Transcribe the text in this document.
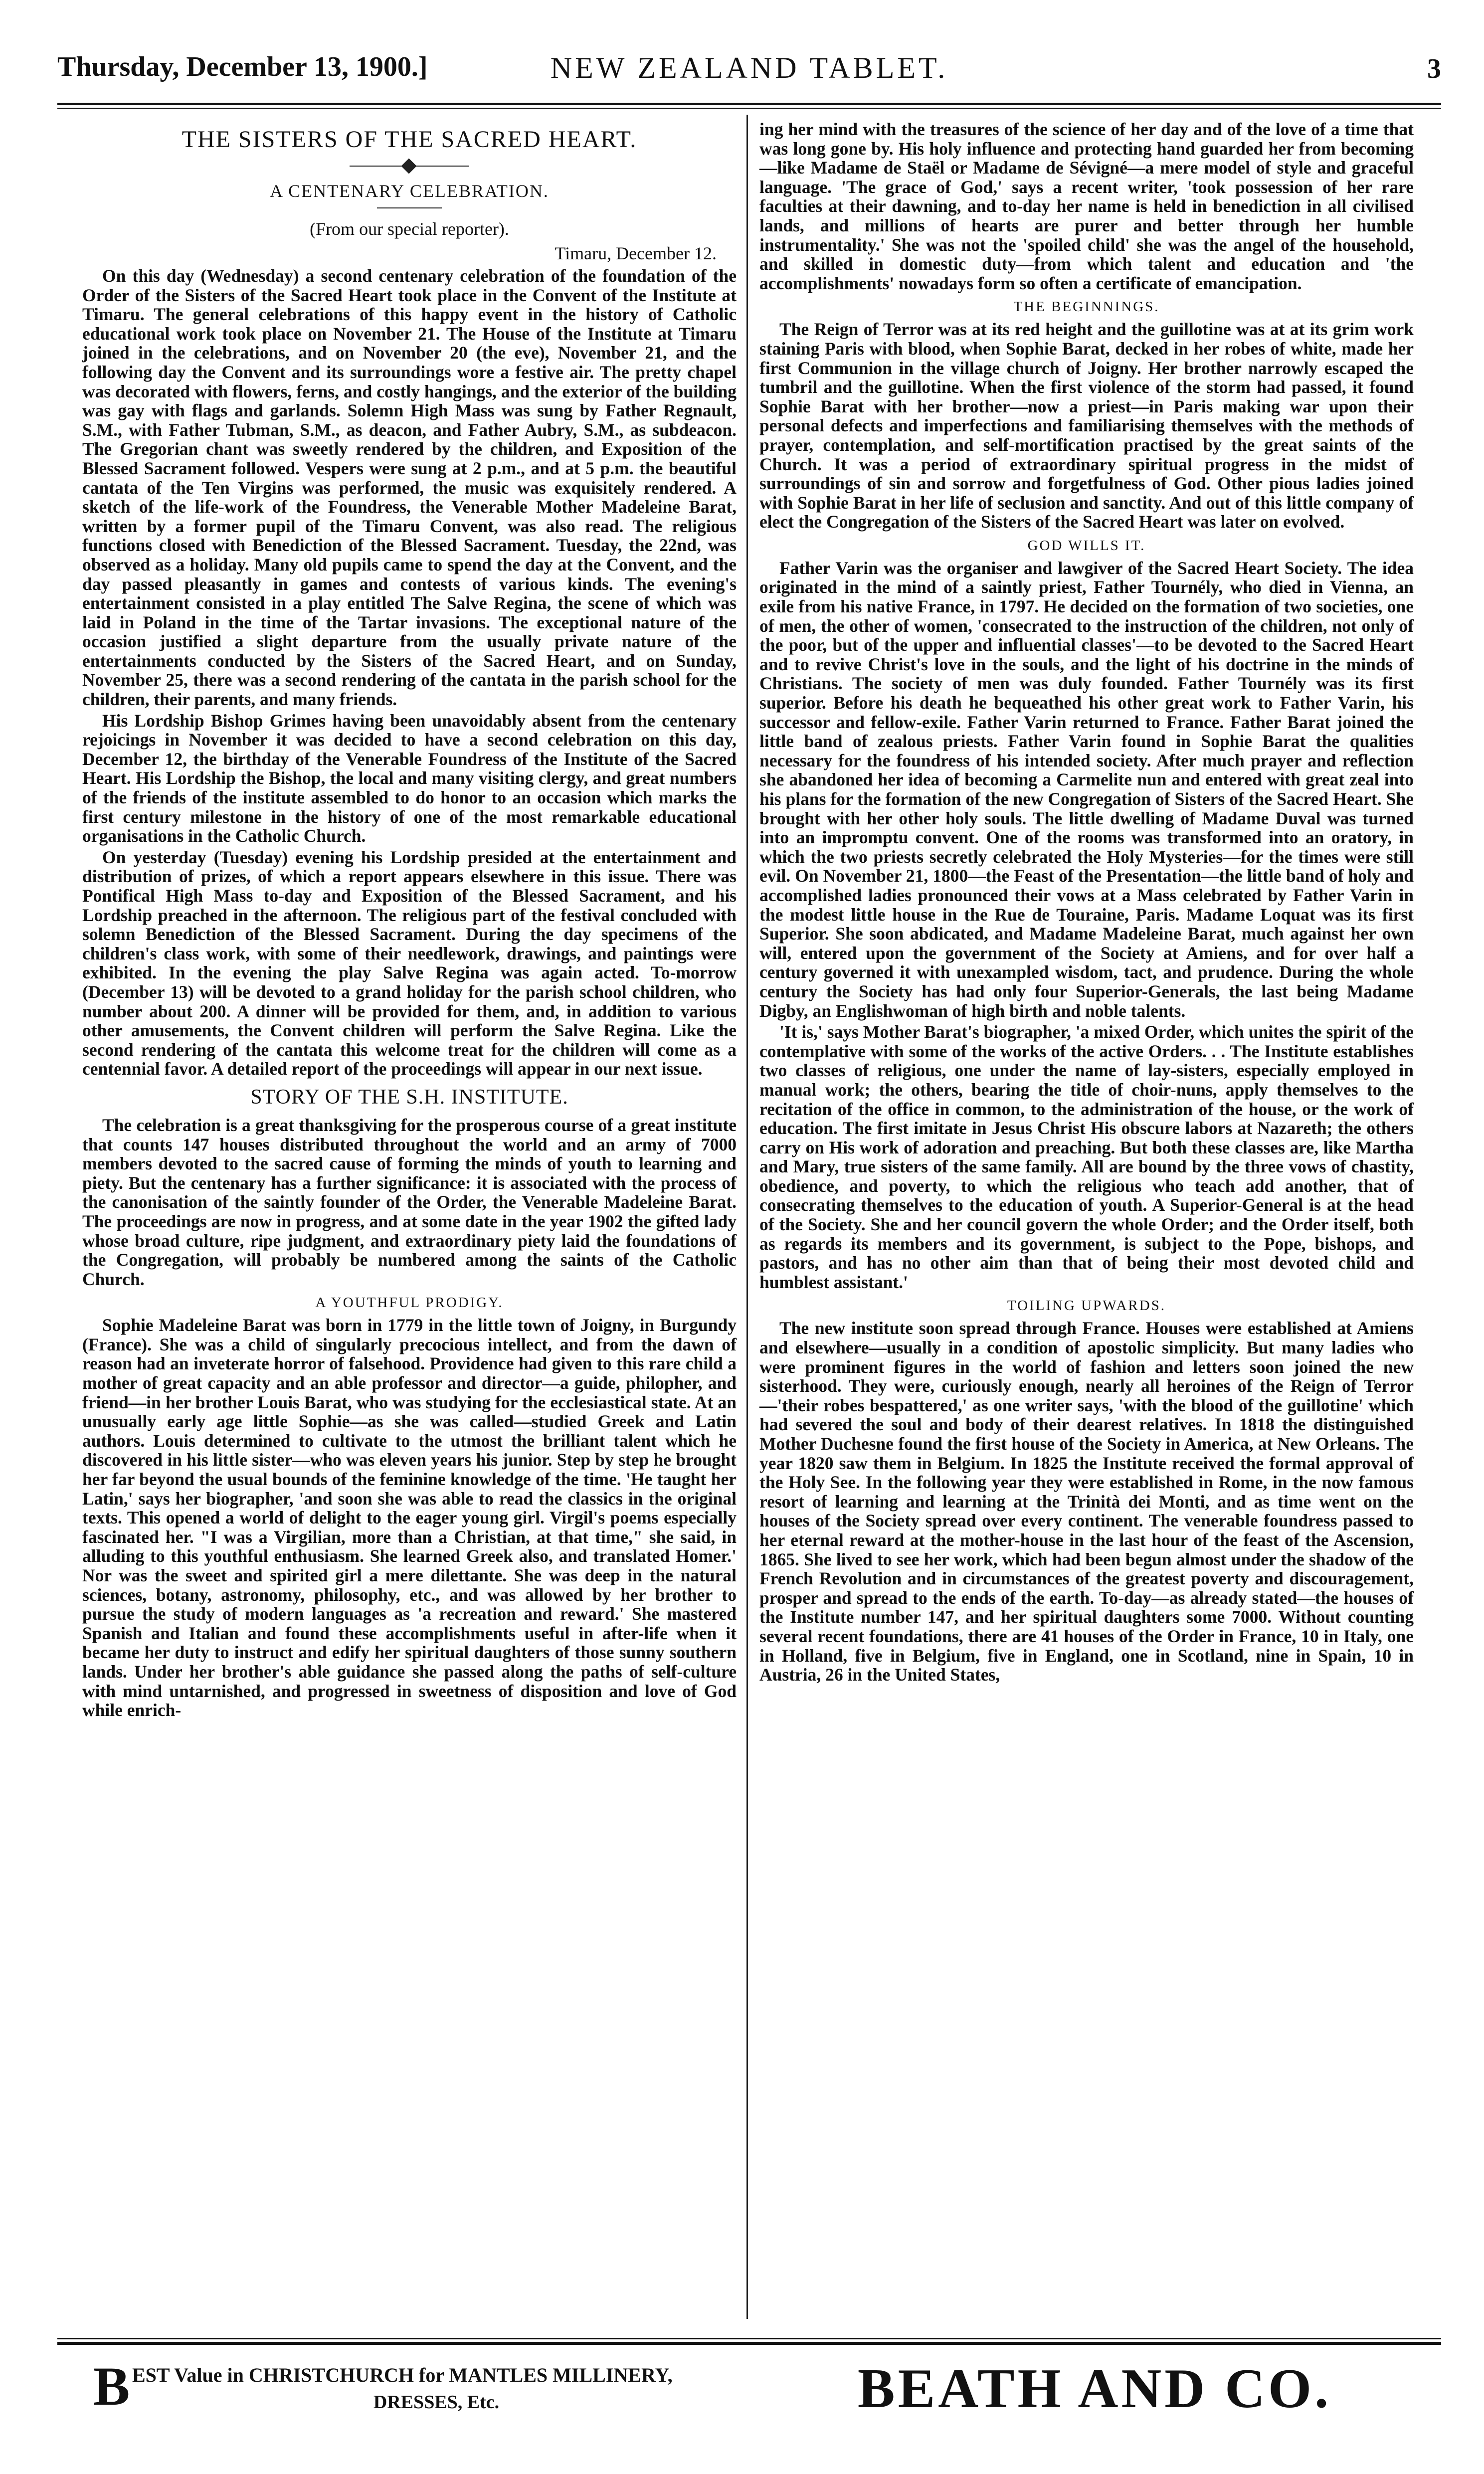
Thursday, December 13, 1900.]	NEW ZEALAND TABLET.	3
THE SISTERS OF THE SACRED HEART.
A CENTENARY CELEBRATION.
(From our special reporter).
Timaru, December 12.

On this day (Wednesday) a second centenary celebration of the foundation of the Order of the Sisters of the Sacred Heart took place in the Convent of the Institute at Timaru. The general celebrations of this happy event in the history of Catholic educational work took place on November 21. The House of the Institute at Timaru joined in the celebrations, and on November 20 (the eve), November 21, and the following day the Convent and its surroundings wore a festive air. The pretty chapel was decorated with flowers, ferns, and costly hangings, and the exterior of the building was gay with flags and garlands. Solemn High Mass was sung by Father Regnault, S.M., with Father Tubman, S.M., as deacon, and Father Aubry, S.M., as subdeacon. The Gregorian chant was sweetly rendered by the children, and Exposition of the Blessed Sacrament followed. Vespers were sung at 2 p.m., and at 5 p.m. the beautiful cantata of the Ten Virgins was performed, the music was exquisitely rendered. A sketch of the life-work of the Foundress, the Venerable Mother Madeleine Barat, written by a former pupil of the Timaru Convent, was also read. The religious functions closed with Benediction of the Blessed Sacrament. Tuesday, the 22nd, was observed as a holiday. Many old pupils came to spend the day at the Convent, and the day passed pleasantly in games and contests of various kinds. The evening's entertainment consisted in a play entitled The Salve Regina, the scene of which was laid in Poland in the time of the Tartar invasions. The exceptional nature of the occasion justified a slight departure from the usually private nature of the entertainments conducted by the Sisters of the Sacred Heart, and on Sunday, November 25, there was a second rendering of the cantata in the parish school for the children, their parents, and many friends.

His Lordship Bishop Grimes having been unavoidably absent from the centenary rejoicings in November it was decided to have a second celebration on this day, December 12, the birthday of the Venerable Foundress of the Institute of the Sacred Heart. His Lordship the Bishop, the local and many visiting clergy, and great numbers of the friends of the institute assembled to do honor to an occasion which marks the first century milestone in the history of one of the most remarkable educational organisations in the Catholic Church.

On yesterday (Tuesday) evening his Lordship presided at the entertainment and distribution of prizes, of which a report appears elsewhere in this issue. There was Pontifical High Mass to-day and Exposition of the Blessed Sacrament, and his Lordship preached in the afternoon. The religious part of the festival concluded with solemn Benediction of the Blessed Sacrament. During the day specimens of the children's class work, with some of their needlework, drawings, and paintings were exhibited. In the evening the play Salve Regina was again acted. To-morrow (December 13) will be devoted to a grand holiday for the parish school children, who number about 200. A dinner will be provided for them, and, in addition to various other amusements, the Convent children will perform the Salve Regina. Like the second rendering of the cantata this welcome treat for the children will come as a centennial favor. A detailed report of the proceedings will appear in our next issue.

STORY OF THE S.H. INSTITUTE.

The celebration is a great thanksgiving for the prosperous course of a great institute that counts 147 houses distributed throughout the world and an army of 7000 members devoted to the sacred cause of forming the minds of youth to learning and piety. But the centenary has a further significance: it is associated with the process of the canonisation of the saintly founder of the Order, the Venerable Madeleine Barat. The proceedings are now in progress, and at some date in the year 1902 the gifted lady whose broad culture, ripe judgment, and extraordinary piety laid the foundations of the Congregation, will probably be numbered among the saints of the Catholic Church.

A YOUTHFUL PRODIGY.

Sophie Madeleine Barat was born in 1779 in the little town of Joigny, in Burgundy (France). She was a child of singularly precocious intellect, and from the dawn of reason had an inveterate horror of falsehood. Providence had given to this rare child a mother of great capacity and an able professor and director—a guide, philopher, and friend—in her brother Louis Barat, who was studying for the ecclesiastical state. At an unusually early age little Sophie—as she was called—studied Greek and Latin authors. Louis determined to cultivate to the utmost the brilliant talent which he discovered in his little sister—who was eleven years his junior. Step by step he brought her far beyond the usual bounds of the feminine knowledge of the time. 'He taught her Latin,' says her biographer, 'and soon she was able to read the classics in the original texts. This opened a world of delight to the eager young girl. Virgil's poems especially fascinated her. "I was a Virgilian, more than a Christian, at that time," she said, in alluding to this youthful enthusiasm. She learned Greek also, and translated Homer.' Nor was the sweet and spirited girl a mere dilettante. She was deep in the natural sciences, botany, astronomy, philosophy, etc., and was allowed by her brother to pursue the study of modern languages as 'a recreation and reward.' She mastered Spanish and Italian and found these accomplishments useful in after-life when it became her duty to instruct and edify her spiritual daughters of those sunny southern lands. Under her brother's able guidance she passed along the paths of self-culture with mind untarnished, and progressed in sweetness of disposition and love of God while enrich-

ing her mind with the treasures of the science of her day and of the love of a time that was long gone by. His holy influence and protecting hand guarded her from becoming—like Madame de Staël or Madame de Sévigné—a mere model of style and graceful language. 'The grace of God,' says a recent writer, 'took possession of her rare faculties at their dawning, and to-day her name is held in benediction in all civilised lands, and millions of hearts are purer and better through her humble instrumentality.' She was not the 'spoiled child' she was the angel of the household, and skilled in domestic duty—from which talent and education and 'the accomplishments' nowadays form so often a certificate of emancipation.

THE BEGINNINGS.

The Reign of Terror was at its red height and the guillotine was at at its grim work staining Paris with blood, when Sophie Barat, decked in her robes of white, made her first Communion in the village church of Joigny. Her brother narrowly escaped the tumbril and the guillotine. When the first violence of the storm had passed, it found Sophie Barat with her brother—now a priest—in Paris making war upon their personal defects and imperfections and familiarising themselves with the methods of prayer, contemplation, and self-mortification practised by the great saints of the Church. It was a period of extraordinary spiritual progress in the midst of surroundings of sin and sorrow and forgetfulness of God. Other pious ladies joined with Sophie Barat in her life of seclusion and sanctity. And out of this little company of elect the Congregation of the Sisters of the Sacred Heart was later on evolved.

GOD WILLS IT.

Father Varin was the organiser and lawgiver of the Sacred Heart Society. The idea originated in the mind of a saintly priest, Father Tournély, who died in Vienna, an exile from his native France, in 1797. He decided on the formation of two societies, one of men, the other of women, 'consecrated to the instruction of the children, not only of the poor, but of the upper and influential classes'—to be devoted to the Sacred Heart and to revive Christ's love in the souls, and the light of his doctrine in the minds of Christians. The society of men was duly founded. Father Tournély was its first superior. Before his death he bequeathed his other great work to Father Varin, his successor and fellow-exile. Father Varin returned to France. Father Barat joined the little band of zealous priests. Father Varin found in Sophie Barat the qualities necessary for the foundress of his intended society. After much prayer and reflection she abandoned her idea of becoming a Carmelite nun and entered with great zeal into his plans for the formation of the new Congregation of Sisters of the Sacred Heart. She brought with her other holy souls. The little dwelling of Madame Duval was turned into an impromptu convent. One of the rooms was transformed into an oratory, in which the two priests secretly celebrated the Holy Mysteries—for the times were still evil. On November 21, 1800—the Feast of the Presentation—the little band of holy and accomplished ladies pronounced their vows at a Mass celebrated by Father Varin in the modest little house in the Rue de Touraine, Paris. Madame Loquat was its first Superior. She soon abdicated, and Madame Madeleine Barat, much against her own will, entered upon the government of the Society at Amiens, and for over half a century governed it with unexampled wisdom, tact, and prudence. During the whole century the Society has had only four Superior-Generals, the last being Madame Digby, an Englishwoman of high birth and noble talents.

'It is,' says Mother Barat's biographer, 'a mixed Order, which unites the spirit of the contemplative with some of the works of the active Orders. . . The Institute establishes two classes of religious, one under the name of lay-sisters, especially employed in manual work; the others, bearing the title of choir-nuns, apply themselves to the recitation of the office in common, to the administration of the house, or the work of education. The first imitate in Jesus Christ His obscure labors at Nazareth; the others carry on His work of adoration and preaching. But both these classes are, like Martha and Mary, true sisters of the same family. All are bound by the three vows of chastity, obedience, and poverty, to which the religious who teach add another, that of consecrating themselves to the education of youth. A Superior-General is at the head of the Society. She and her council govern the whole Order; and the Order itself, both as regards its members and its government, is subject to the Pope, bishops, and pastors, and has no other aim than that of being their most devoted child and humblest assistant.'

TOILING UPWARDS.

The new institute soon spread through France. Houses were established at Amiens and elsewhere—usually in a condition of apostolic simplicity. But many ladies who were prominent figures in the world of fashion and letters soon joined the new sisterhood. They were, curiously enough, nearly all heroines of the Reign of Terror—'their robes bespattered,' as one writer says, 'with the blood of the guillotine' which had severed the soul and body of their dearest relatives. In 1818 the distinguished Mother Duchesne found the first house of the Society in America, at New Orleans. The year 1820 saw them in Belgium. In 1825 the Institute received the formal approval of the Holy See. In the following year they were established in Rome, in the now famous resort of learning and learning at the Trinità dei Monti, and as time went on the houses of the Society spread over every continent. The venerable foundress passed to her eternal reward at the mother-house in the last hour of the feast of the Ascension, 1865. She lived to see her work, which had been begun almost under the shadow of the French Revolution and in circumstances of the greatest poverty and discouragement, prosper and spread to the ends of the earth. To-day—as already stated—the houses of the Institute number 147, and her spiritual daughters some 7000. Without counting several recent foundations, there are 41 houses of the Order in France, 10 in Italy, one in Holland, five in Belgium, five in England, one in Scotland, nine in Spain, 10 in Austria, 26 in the United States,

B EST Value in CHRISTCHURCH for MANTLES MILLINERY,
DRESSES, Etc.	BEATH AND CO.
